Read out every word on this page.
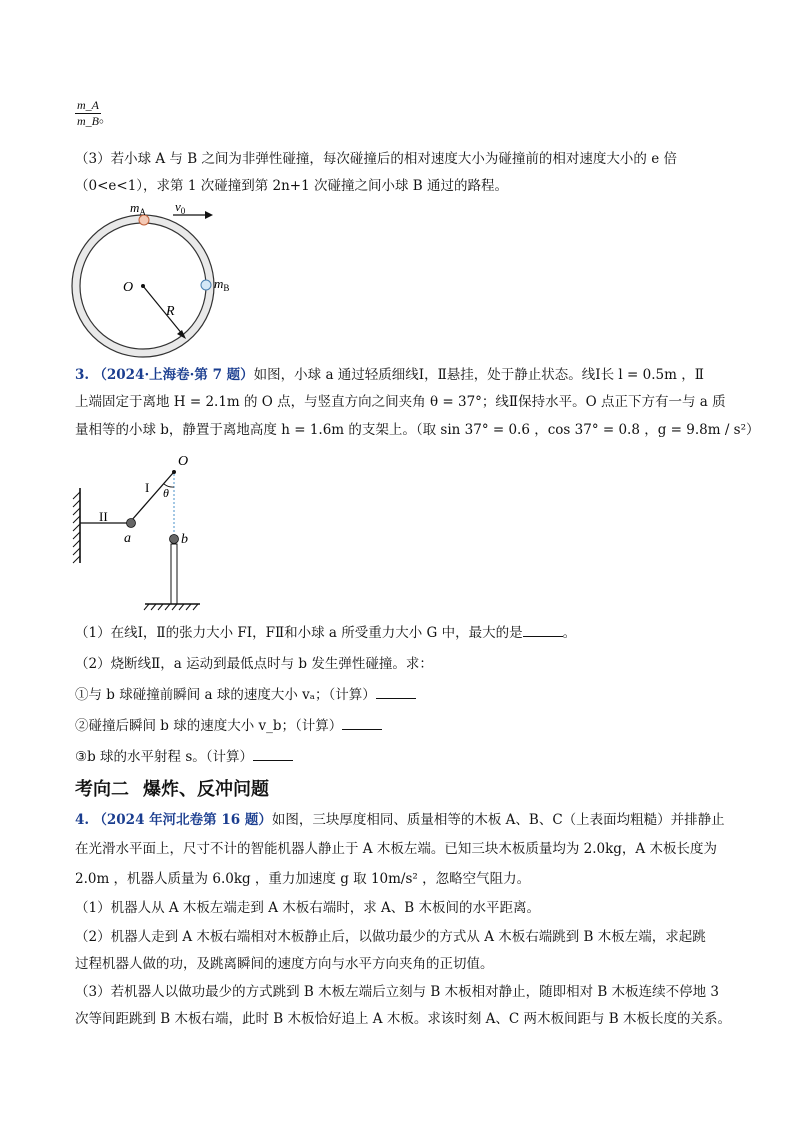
$\frac{m\_A}{m\_B}$
。
（3）若小球 A 与 B 之间为非弹性碰撞，每次碰撞后的相对速度大小为碰撞前的相对速度大小的 e 倍
（0<e<1），求第 1 次碰撞到第 2n+1 次碰撞之间小球 B 通过的路程。
$m_A$ $v_0$
O
R
$m_B$
3. （2024·上海卷·第 7 题）如图，小球 a 通过轻质细线Ⅰ，Ⅱ悬挂，处于静止状态。线Ⅰ长 l = 0.5m ，Ⅱ
上端固定于离地 H = 2.1m 的 O 点，与竖直方向之间夹角 θ = 37°；线Ⅱ保持水平。O 点正下方有一与 a 质
量相等的小球 b，静置于离地高度 h = 1.6m 的支架上。（取 sin 37° = 0.6 ，cos 37° = 0.8 ，g = 9.8m / s²）
O
I θ
II
a	b
（1）在线Ⅰ，Ⅱ的张力大小 FⅠ，FⅡ和小球 a 所受重力大小 G 中，最大的是	。
（2）烧断线Ⅱ，a 运动到最低点时与 b 发生弹性碰撞。求：
①与 b 球碰撞前瞬间 a 球的速度大小 vₐ；（计算）
②碰撞后瞬间 b 球的速度大小 v_b；（计算）
③b 球的水平射程 s。（计算）
考向二 爆炸、反冲问题
4. （2024 年河北卷第 16 题）如图，三块厚度相同、质量相等的木板 A、B、C（上表面均粗糙）并排静止
在光滑水平面上，尺寸不计的智能机器人静止于 A 木板左端。已知三块木板质量均为 2.0kg，A 木板长度为
2.0m ，机器人质量为 6.0kg ，重力加速度 g 取 10m/s² ，忽略空气阻力。
（1）机器人从 A 木板左端走到 A 木板右端时，求 A、B 木板间的水平距离。
（2）机器人走到 A 木板右端相对木板静止后，以做功最少的方式从 A 木板右端跳到 B 木板左端，求起跳
过程机器人做的功，及跳离瞬间的速度方向与水平方向夹角的正切值。
（3）若机器人以做功最少的方式跳到 B 木板左端后立刻与 B 木板相对静止，随即相对 B 木板连续不停地 3
次等间距跳到 B 木板右端，此时 B 木板恰好追上 A 木板。求该时刻 A、C 两木板间距与 B 木板长度的关系。
